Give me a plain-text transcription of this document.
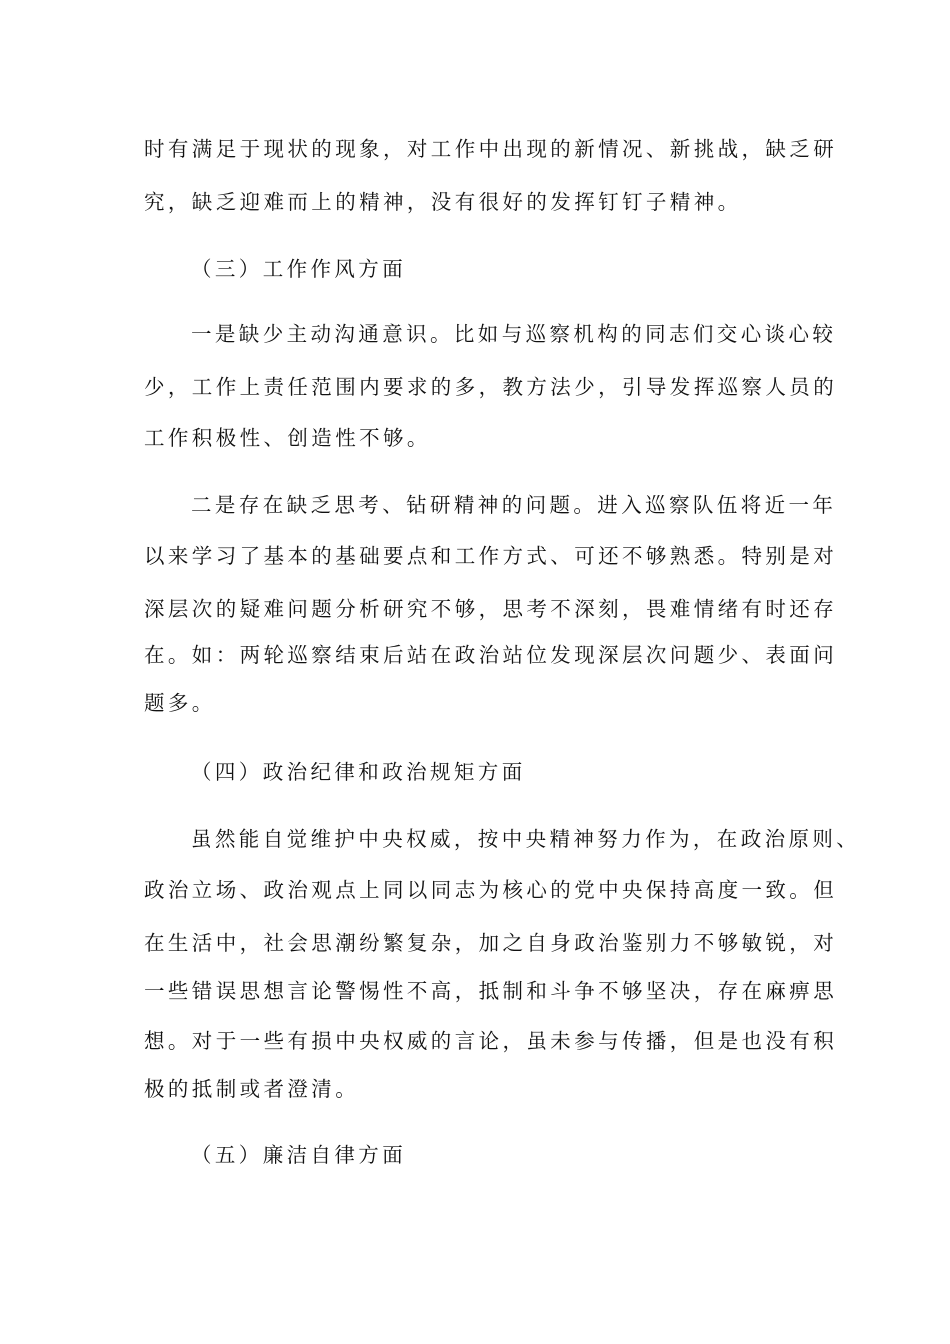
时有满足于现状的现象，对工作中出现的新情况、新挑战，缺乏研

究，缺乏迎难而上的精神，没有很好的发挥钉钉子精神。

（三）工作作风方面

一是缺少主动沟通意识。比如与巡察机构的同志们交心谈心较

少，工作上责任范围内要求的多，教方法少，引导发挥巡察人员的

工作积极性、创造性不够。

二是存在缺乏思考、钻研精神的问题。进入巡察队伍将近一年

以来学习了基本的基础要点和工作方式、可还不够熟悉。特别是对

深层次的疑难问题分析研究不够，思考不深刻，畏难情绪有时还存

在。如：两轮巡察结束后站在政治站位发现深层次问题少、表面问

题多。

（四）政治纪律和政治规矩方面

虽然能自觉维护中央权威，按中央精神努力作为，在政治原则、

政治立场、政治观点上同以同志为核心的党中央保持高度一致。但

在生活中，社会思潮纷繁复杂，加之自身政治鉴别力不够敏锐，对

一些错误思想言论警惕性不高，抵制和斗争不够坚决，存在麻痹思

想。对于一些有损中央权威的言论，虽未参与传播，但是也没有积

极的抵制或者澄清。

（五）廉洁自律方面
